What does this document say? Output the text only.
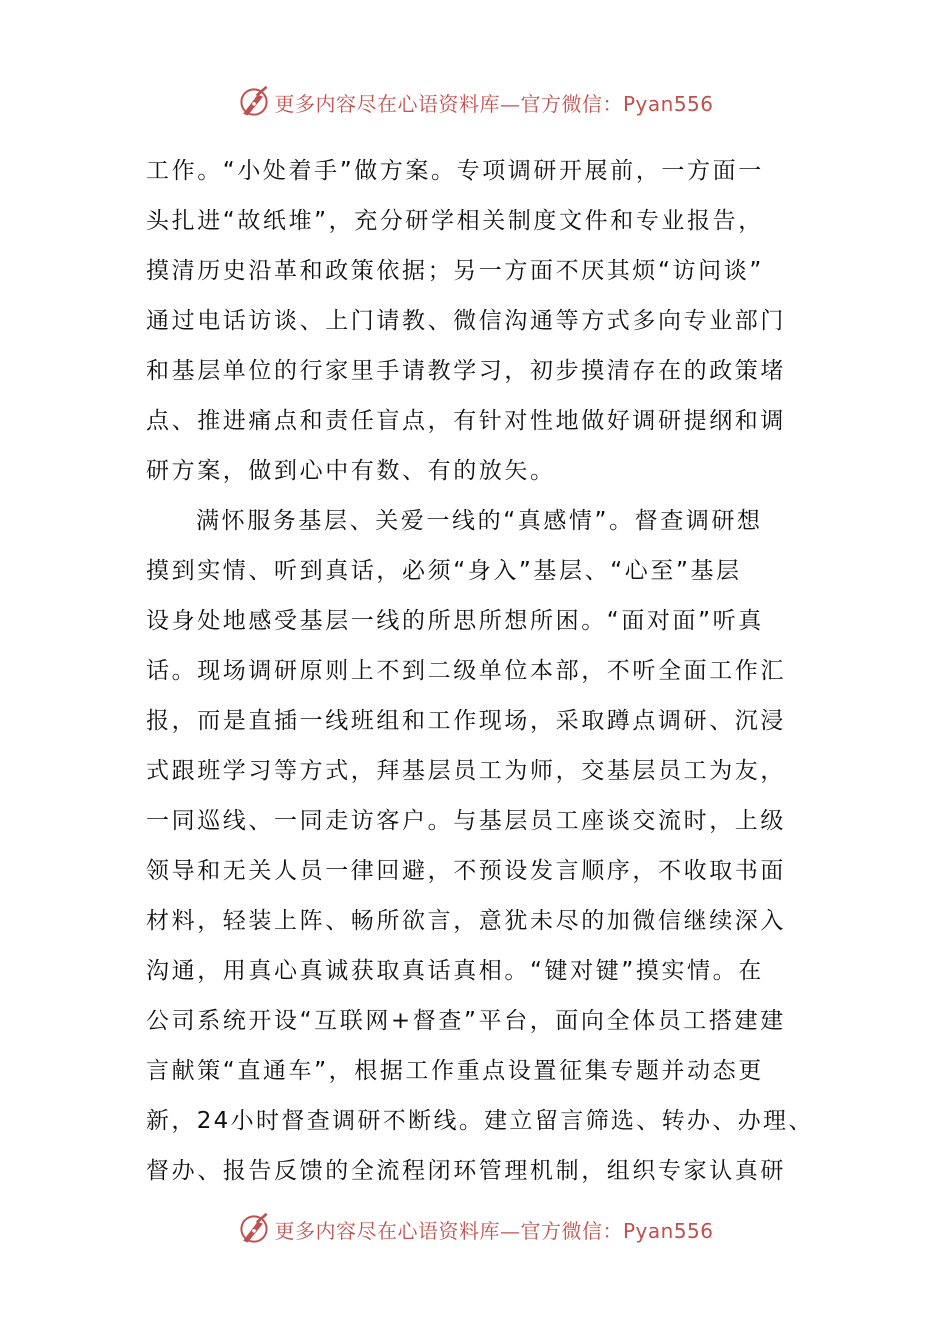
更多内容尽在心语资料库—官方微信：Pyan556
工作。“小处着手”做方案。专项调研开展前，一方面一
头扎进“故纸堆”，充分研学相关制度文件和专业报告，
摸清历史沿革和政策依据；另一方面不厌其烦“访问谈”
通过电话访谈、上门请教、微信沟通等方式多向专业部门
和基层单位的行家里手请教学习，初步摸清存在的政策堵
点、推进痛点和责任盲点，有针对性地做好调研提纲和调
研方案，做到心中有数、有的放矢。
满怀服务基层、关爱一线的“真感情”。督查调研想
摸到实情、听到真话，必须“身入”基层、“心至”基层
设身处地感受基层一线的所思所想所困。“面对面”听真
话。现场调研原则上不到二级单位本部，不听全面工作汇
报，而是直插一线班组和工作现场，采取蹲点调研、沉浸
式跟班学习等方式，拜基层员工为师，交基层员工为友，
一同巡线、一同走访客户。与基层员工座谈交流时，上级
领导和无关人员一律回避，不预设发言顺序，不收取书面
材料，轻装上阵、畅所欲言，意犹未尽的加微信继续深入
沟通，用真心真诚获取真话真相。“键对键”摸实情。在
公司系统开设“互联网+督查”平台，面向全体员工搭建建
言献策“直通车”，根据工作重点设置征集专题并动态更
新，24小时督查调研不断线。建立留言筛选、转办、办理、
督办、报告反馈的全流程闭环管理机制，组织专家认真研
更多内容尽在心语资料库—官方微信：Pyan556
